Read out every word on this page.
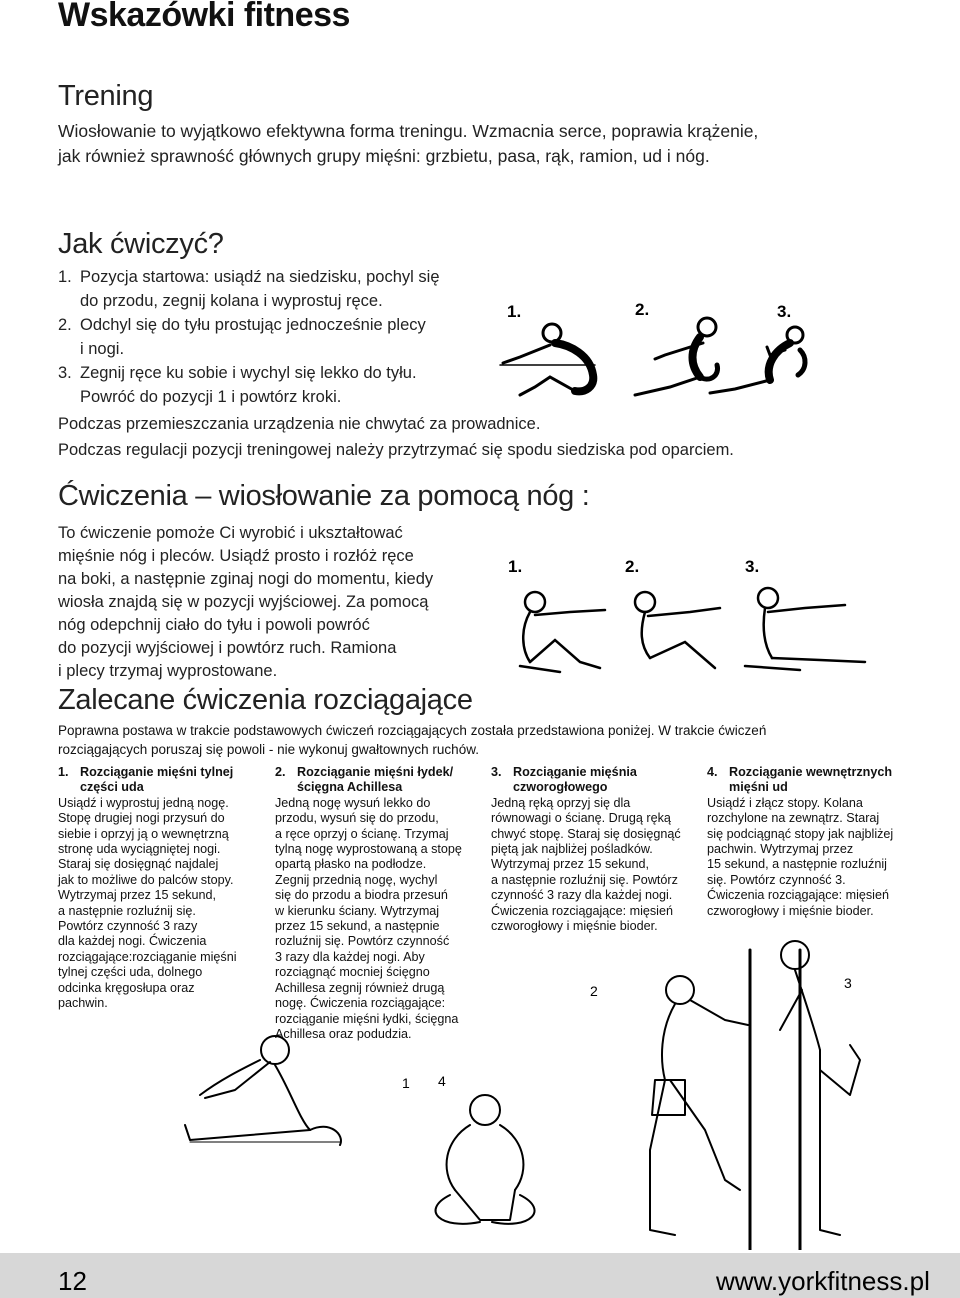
Wskazówki fitness
Trening
Wiosłowanie to wyjątkowo efektywna forma treningu. Wzmacnia serce, poprawia krążenie,
jak również sprawność głównych grupy mięśni: grzbietu, pasa, rąk, ramion, ud i nóg.
Jak ćwiczyć?
1. Pozycja startowa: usiądź na siedzisku, pochyl się
do przodu, zegnij kolana i wyprostuj ręce.
2. Odchyl się do tyłu prostując jednocześnie plecy
i nogi.
3. Zegnij ręce ku sobie i wychyl się lekko do tyłu.
Powróć do pozycji 1 i powtórz kroki.
Podczas przemieszczania urządzenia nie chwytać za prowadnice.
Podczas regulacji pozycji treningowej należy przytrzymać się spodu siedziska pod oparciem.
1.	2.	3.
Ćwiczenia – wiosłowanie za pomocą nóg :
To ćwiczenie pomoże Ci wyrobić i ukształtować
mięśnie nóg i pleców. Usiądź prosto i rozłóż ręce
na boki, a następnie zginaj nogi do momentu, kiedy
wiosła znajdą się w pozycji wyjściowej. Za pomocą
nóg odepchnij ciało do tyłu i powoli powróć
do pozycji wyjściowej i powtórz ruch. Ramiona
i plecy trzymaj wyprostowane.
1.	2.	3.
Zalecane ćwiczenia rozciągające
Poprawna postawa w trakcie podstawowych ćwiczeń rozciągających została przedstawiona poniżej. W trakcie ćwiczeń
rozciągających poruszaj się powoli - nie wykonuj gwałtownych ruchów.
1. Rozciąganie mięśni tylnej
części uda
Usiądź i wyprostuj jedną nogę.
Stopę drugiej nogi przysuń do
siebie i oprzyj ją o wewnętrzną
stronę uda wyciągniętej nogi.
Staraj się dosięgnąć najdalej
jak to możliwe do palców stopy.
Wytrzymaj przez 15 sekund,
a następnie rozluźnij się.
Powtórz czynność 3 razy
dla każdej nogi. Ćwiczenia
rozciągające:rozciąganie mięśni
tylnej części uda, dolnego
odcinka kręgosłupa oraz
pachwin.
2. Rozciąganie mięśni łydek/
ścięgna Achillesa
Jedną nogę wysuń lekko do
przodu, wysuń się do przodu,
a ręce oprzyj o ścianę. Trzymaj
tylną nogę wyprostowaną a stopę
opartą płasko na podłodze.
Zegnij przednią nogę, wychyl
się do przodu a biodra przesuń
w kierunku ściany. Wytrzymaj
przez 15 sekund, a następnie
rozluźnij się. Powtórz czynność
3 razy dla każdej nogi. Aby
rozciągnąć mocniej ścięgno
Achillesa zegnij również drugą
nogę. Ćwiczenia rozciągające:
rozciąganie mięśni łydki, ścięgna
Achillesa oraz podudzia.
3. Rozciąganie mięśnia
czworogłowego
Jedną ręką oprzyj się dla
równowagi o ścianę. Drugą ręką
chwyć stopę. Staraj się dosięgnąć
piętą jak najbliżej pośladków.
Wytrzymaj przez 15 sekund,
a następnie rozluźnij się. Powtórz
czynność 3 razy dla każdej nogi.
Ćwiczenia rozciągające: mięsień
czworogłowy i mięśnie bioder.
4. Rozciąganie wewnętrznych
mięśni ud
Usiądź i złącz stopy. Kolana
rozchylone na zewnątrz. Staraj
się podciągnąć stopy jak najbliżej
pachwin. Wytrzymaj przez
15 sekund, a następnie rozluźnij
się. Powtórz czynność 3.
Ćwiczenia rozciągające: mięsień
czworogłowy i mięśnie bioder.
1
2	3
4
12	www.yorkfitness.pl
